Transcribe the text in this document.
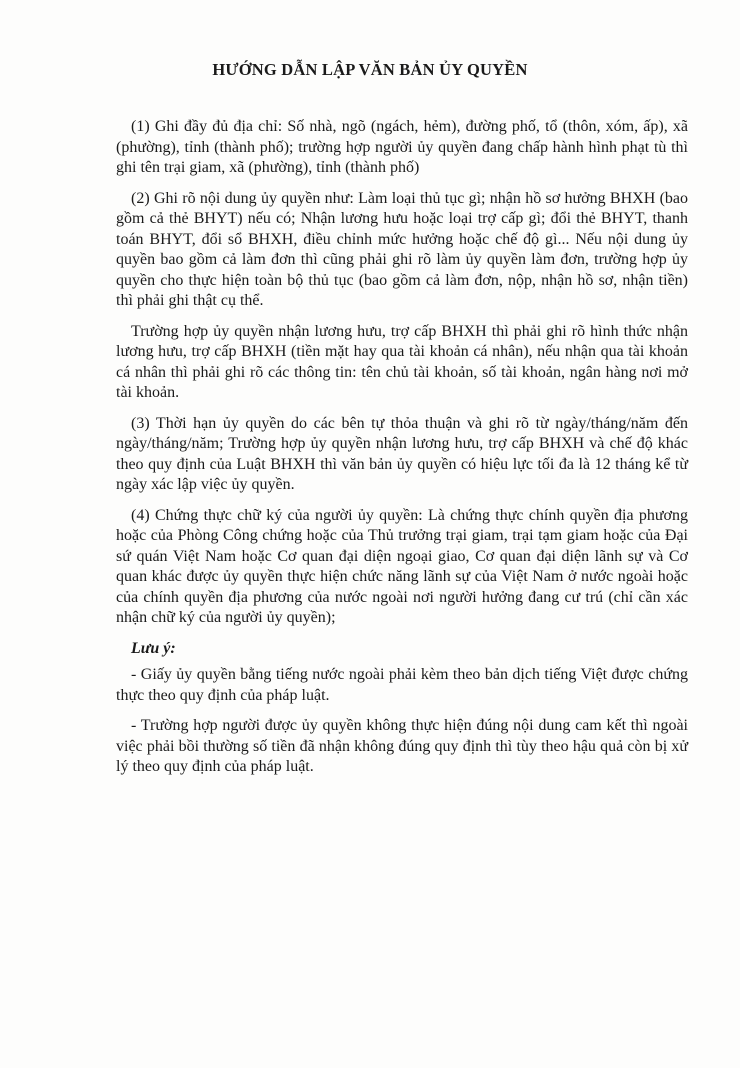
HƯỚNG DẪN LẬP VĂN BẢN ỦY QUYỀN

(1) Ghi đầy đủ địa chỉ: Số nhà, ngõ (ngách, hẻm), đường phố, tổ (thôn, xóm, ấp), xã (phường), tỉnh (thành phố); trường hợp người ủy quyền đang chấp hành hình phạt tù thì ghi tên trại giam, xã (phường), tỉnh (thành phố)

(2) Ghi rõ nội dung ủy quyền như: Làm loại thủ tục gì; nhận hồ sơ hưởng BHXH (bao gồm cả thẻ BHYT) nếu có; Nhận lương hưu hoặc loại trợ cấp gì; đổi thẻ BHYT, thanh toán BHYT, đổi sổ BHXH, điều chỉnh mức hưởng hoặc chế độ gì... Nếu nội dung ủy quyền bao gồm cả làm đơn thì cũng phải ghi rõ làm ủy quyền làm đơn, trường hợp ủy quyền cho thực hiện toàn bộ thủ tục (bao gồm cả làm đơn, nộp, nhận hồ sơ, nhận tiền) thì phải ghi thật cụ thể.

Trường hợp ủy quyền nhận lương hưu, trợ cấp BHXH thì phải ghi rõ hình thức nhận lương hưu, trợ cấp BHXH (tiền mặt hay qua tài khoản cá nhân), nếu nhận qua tài khoản cá nhân thì phải ghi rõ các thông tin: tên chủ tài khoản, số tài khoản, ngân hàng nơi mở tài khoản.

(3) Thời hạn ủy quyền do các bên tự thỏa thuận và ghi rõ từ ngày/tháng/năm đến ngày/tháng/năm; Trường hợp ủy quyền nhận lương hưu, trợ cấp BHXH và chế độ khác theo quy định của Luật BHXH thì văn bản ủy quyền có hiệu lực tối đa là 12 tháng kể từ ngày xác lập việc ủy quyền.

(4) Chứng thực chữ ký của người ủy quyền: Là chứng thực chính quyền địa phương hoặc của Phòng Công chứng hoặc của Thủ trưởng trại giam, trại tạm giam hoặc của Đại sứ quán Việt Nam hoặc Cơ quan đại diện ngoại giao, Cơ quan đại diện lãnh sự và Cơ quan khác được ủy quyền thực hiện chức năng lãnh sự của Việt Nam ở nước ngoài hoặc của chính quyền địa phương của nước ngoài nơi người hưởng đang cư trú (chỉ cần xác nhận chữ ký của người ủy quyền);

Lưu ý:

- Giấy ủy quyền bằng tiếng nước ngoài phải kèm theo bản dịch tiếng Việt được chứng thực theo quy định của pháp luật.

- Trường hợp người được ủy quyền không thực hiện đúng nội dung cam kết thì ngoài việc phải bồi thường số tiền đã nhận không đúng quy định thì tùy theo hậu quả còn bị xử lý theo quy định của pháp luật.
